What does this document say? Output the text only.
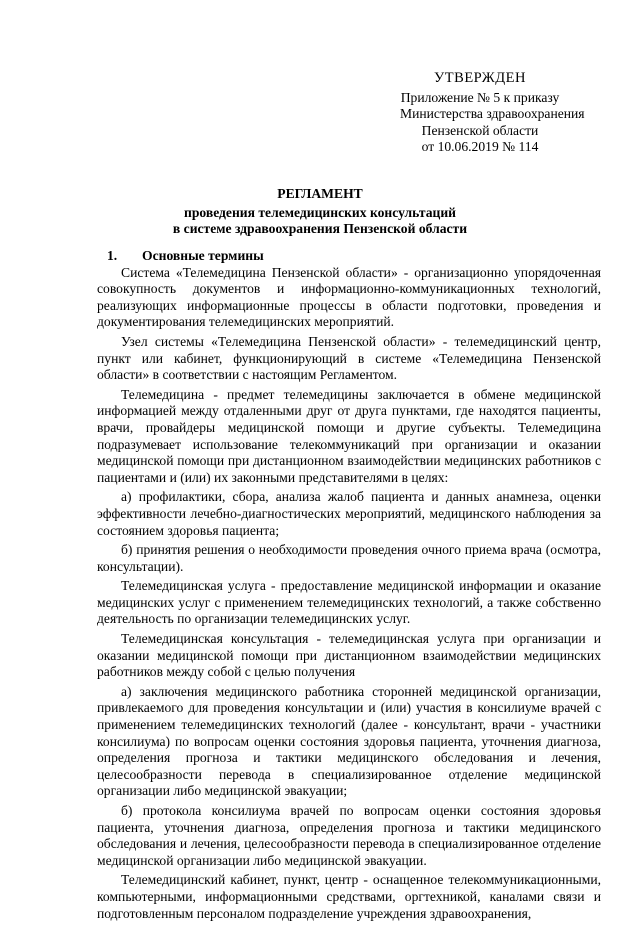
УТВЕРЖДЕН
Приложение № 5 к приказу
Министерства здравоохранения
Пензенской области
от 10.06.2019 № 114
РЕГЛАМЕНТ
проведения телемедицинских консультаций
в системе здравоохранения Пензенской области
1. Основные термины

Система «Телемедицина Пензенской области» - организационно упорядоченная совокупность документов и информационно-коммуникационных технологий, реализующих информационные процессы в области подготовки, проведения и документирования телемедицинских мероприятий.

Узел системы «Телемедицина Пензенской области» - телемедицинский центр, пункт или кабинет, функционирующий в системе «Телемедицина Пензенской области» в соответствии с настоящим Регламентом.

Телемедицина - предмет телемедицины заключается в обмене медицинской информацией между отдаленными друг от друга пунктами, где находятся пациенты, врачи, провайдеры медицинской помощи и другие субъекты. Телемедицина подразумевает использование телекоммуникаций при организации и оказании медицинской помощи при дистанционном взаимодействии медицинских работников с пациентами и (или) их законными представителями в целях:

а) профилактики, сбора, анализа жалоб пациента и данных анамнеза, оценки эффективности лечебно-диагностических мероприятий, медицинского наблюдения за состоянием здоровья пациента;

б) принятия решения о необходимости проведения очного приема врача (осмотра, консультации).

Телемедицинская услуга - предоставление медицинской информации и оказание медицинских услуг с применением телемедицинских технологий, а также собственно деятельность по организации телемедицинских услуг.

Телемедицинская консультация - телемедицинская услуга при организации и оказании медицинской помощи при дистанционном взаимодействии медицинских работников между собой с целью получения

а) заключения медицинского работника сторонней медицинской организации, привлекаемого для проведения консультации и (или) участия в консилиуме врачей с применением телемедицинских технологий (далее - консультант, врачи - участники консилиума) по вопросам оценки состояния здоровья пациента, уточнения диагноза, определения прогноза и тактики медицинского обследования и лечения, целесообразности перевода в специализированное отделение медицинской организации либо медицинской эвакуации;

б) протокола консилиума врачей по вопросам оценки состояния здоровья пациента, уточнения диагноза, определения прогноза и тактики медицинского обследования и лечения, целесообразности перевода в специализированное отделение медицинской организации либо медицинской эвакуации.

Телемедицинский кабинет, пункт, центр - оснащенное телекоммуникационными, компьютерными, информационными средствами, оргтехникой, каналами связи и подготовленным персоналом подразделение учреждения здравоохранения,
